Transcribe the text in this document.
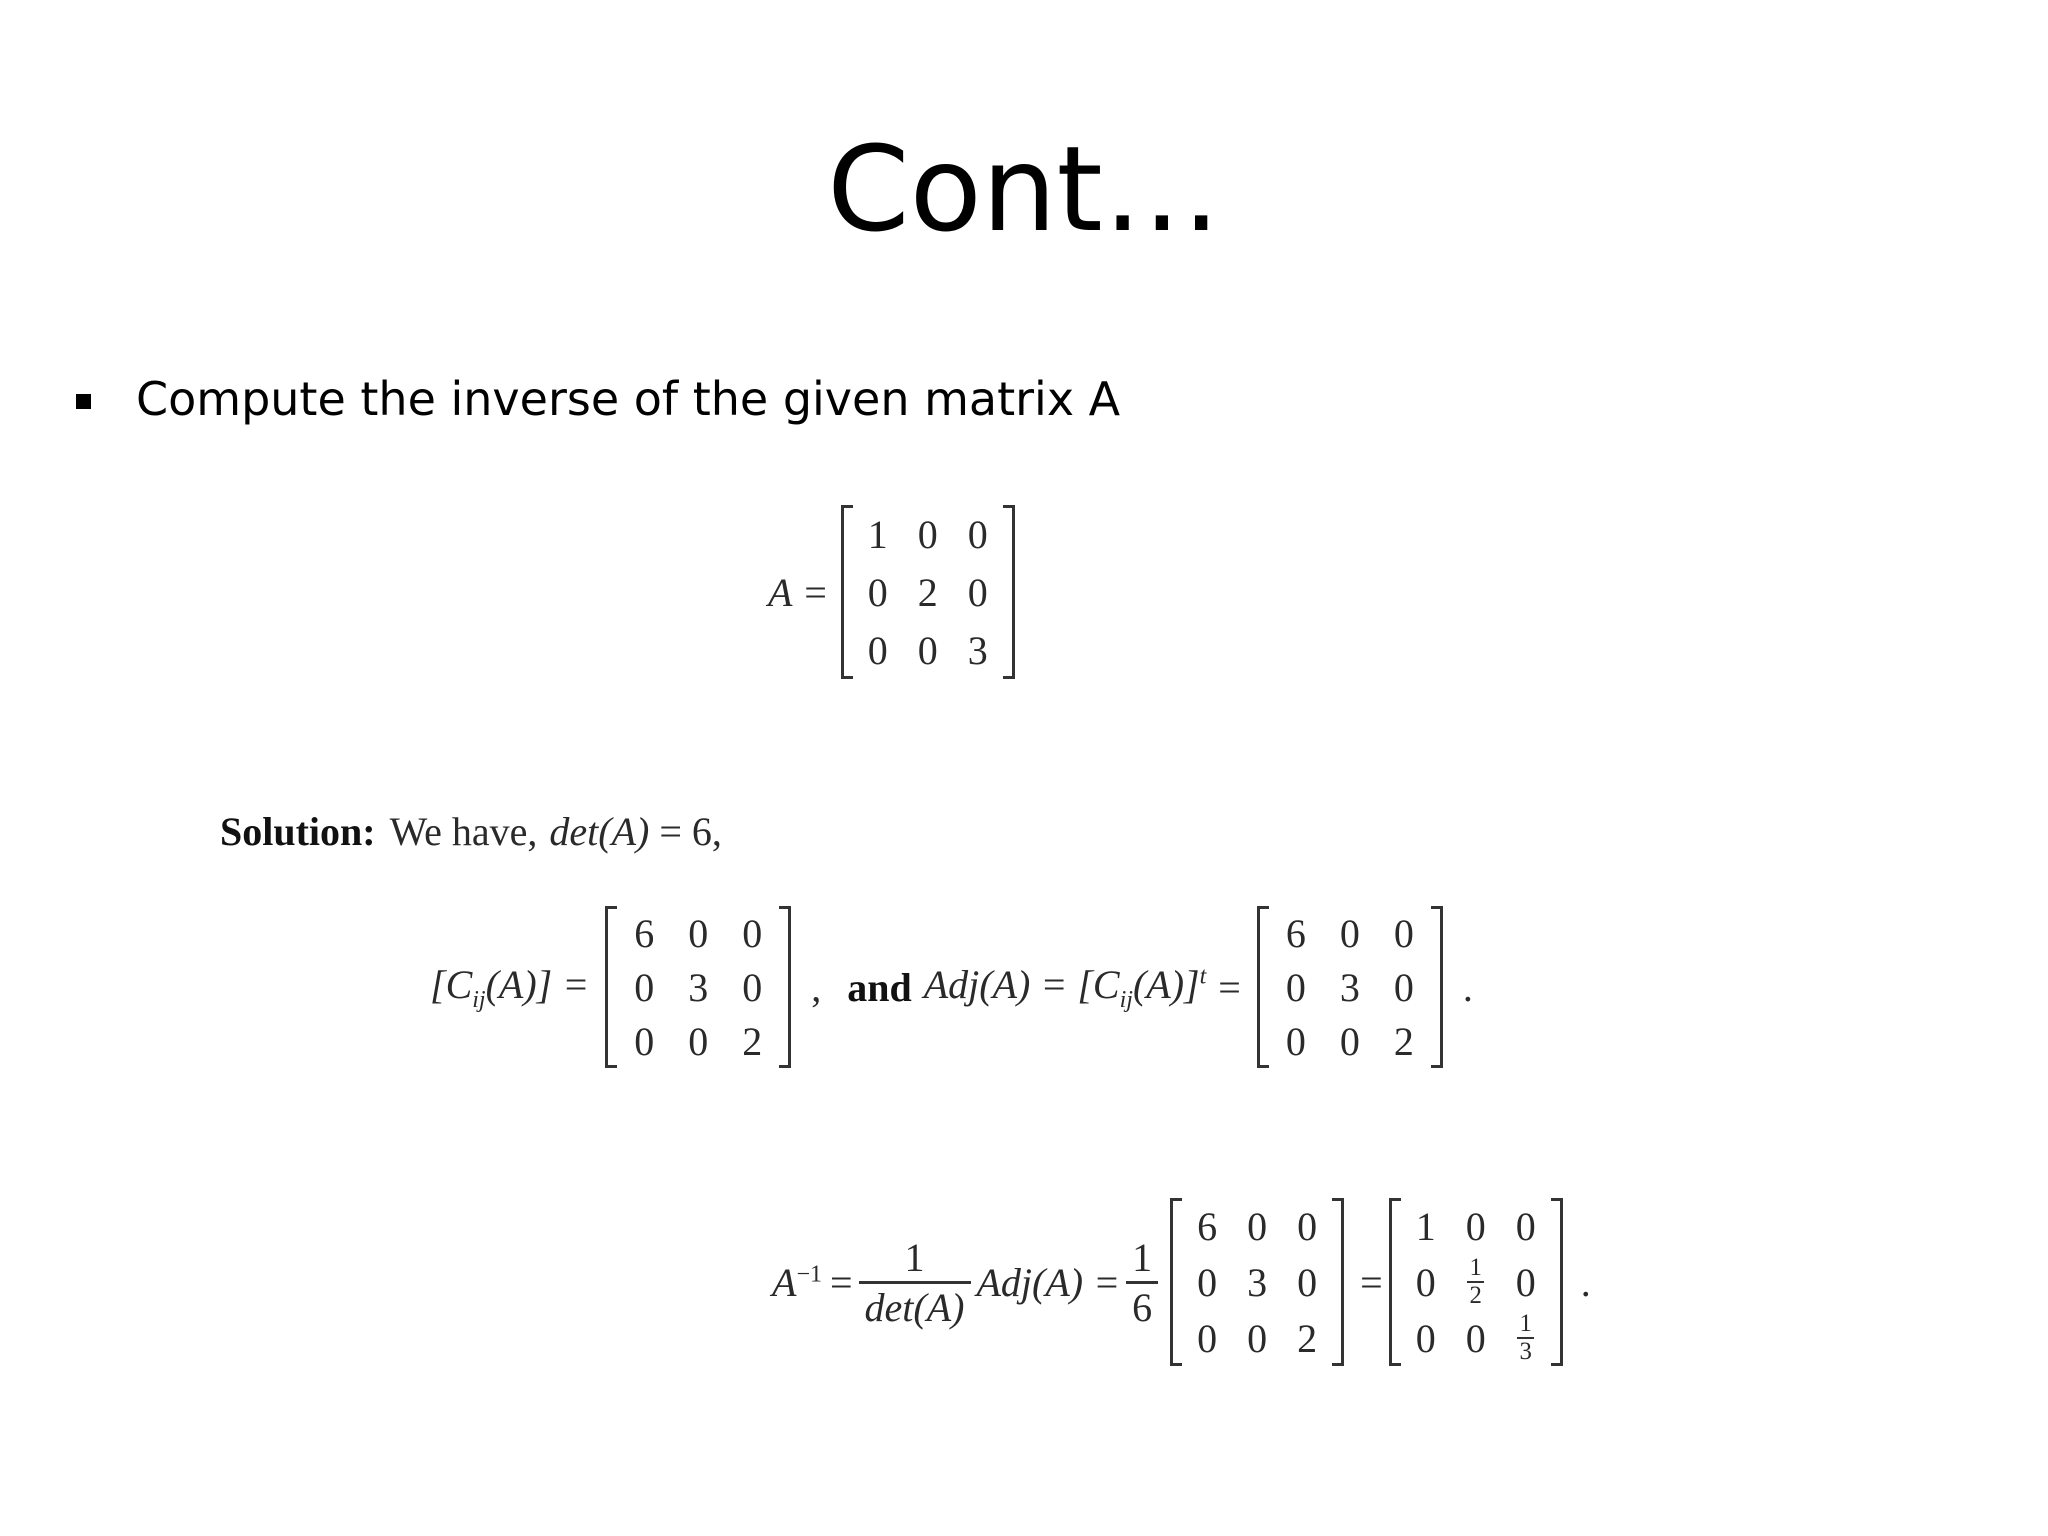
Cont…
Compute the inverse of the given matrix A
A =
1 0 0
0 2 0
0 0 3
Solution: We have, det(A) = 6,
$[C_{ij}(A)]$ =
6 0 0
0 3 0
0 0 2
, and $Adj(A) = [C_{ij}(A)]^t$ =
6 0 0
0 3 0
0 0 2
.
$A^{-1} = \frac{1}{\det(A)} Adj(A) = \frac{1}{6}$
6 0 0
0 3 0
0 0 2
=
1 0 0
$0 \frac{1}{2} 0$
0 $0 \frac{1}{3}$
.
